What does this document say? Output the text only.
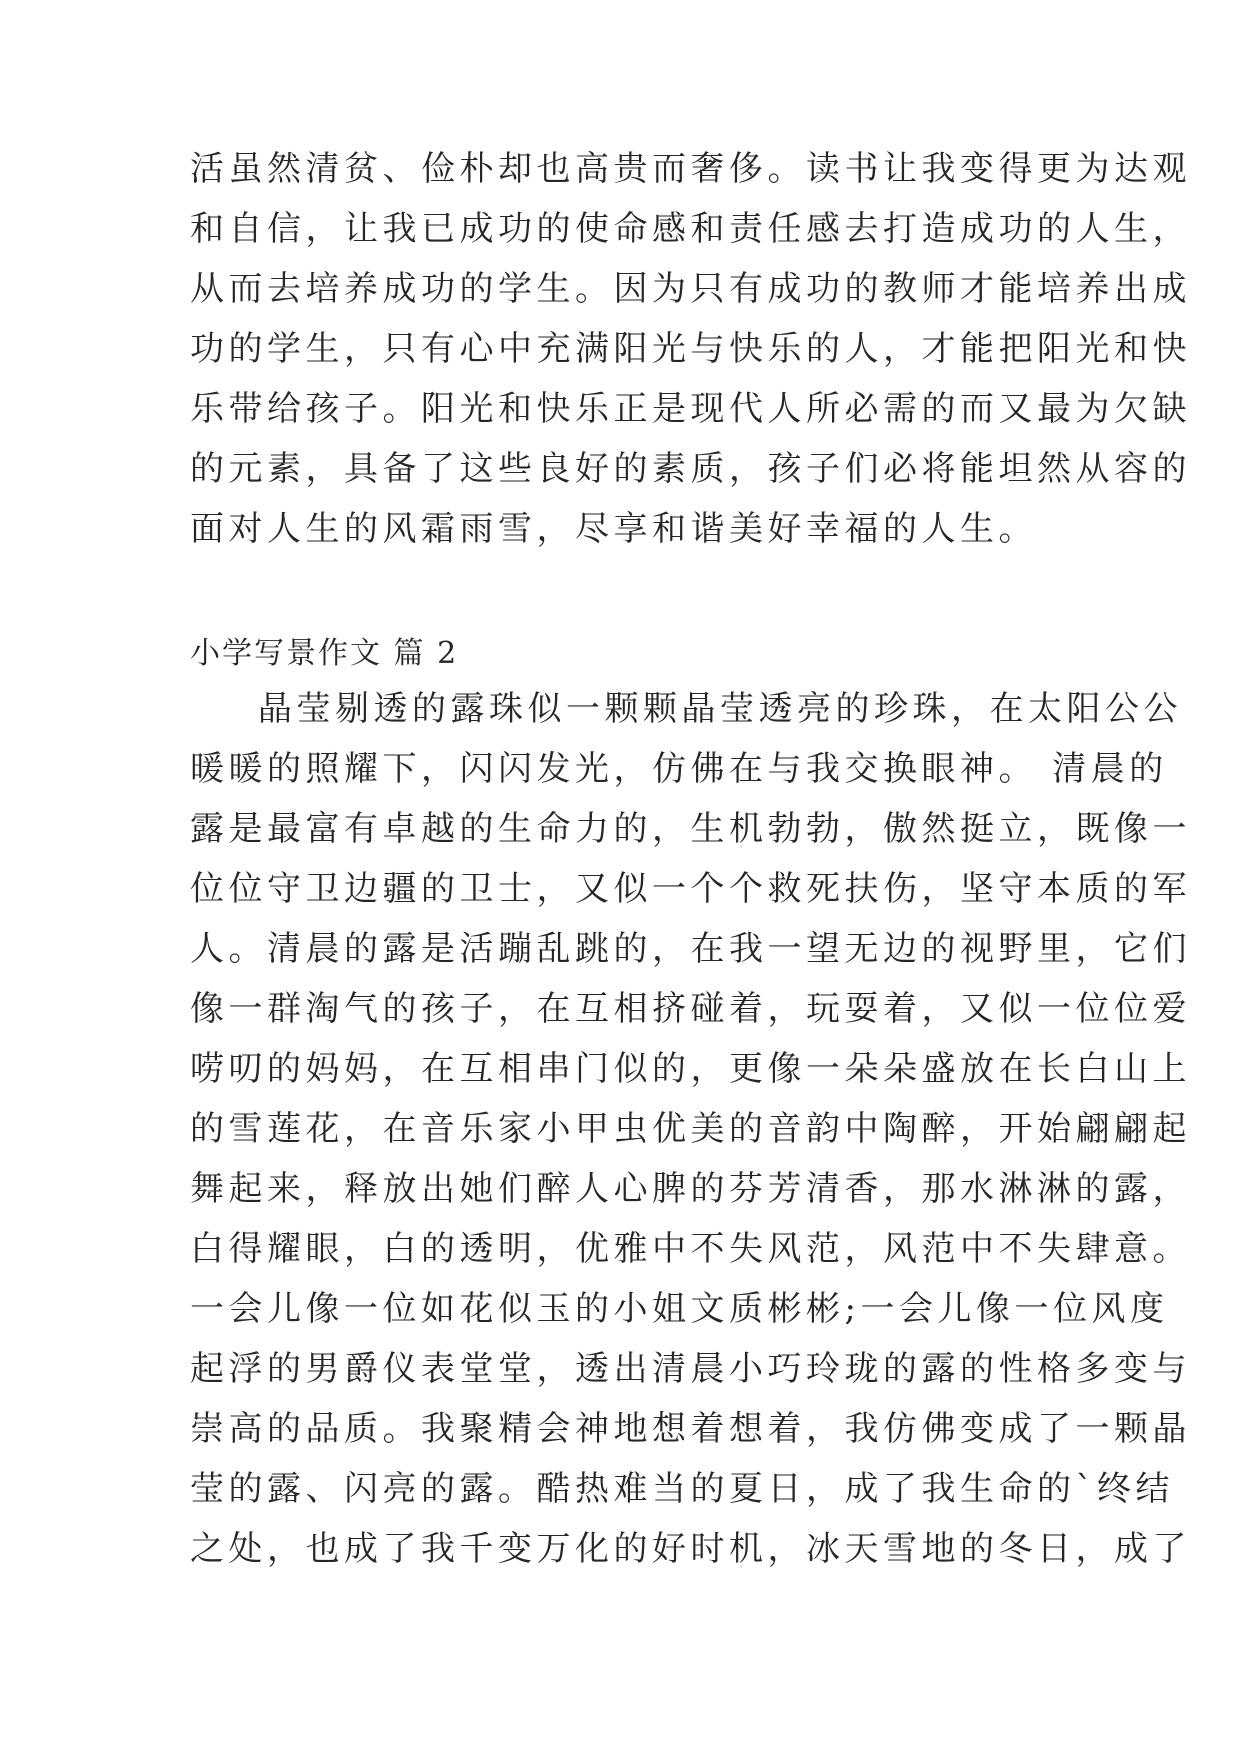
活虽然清贫、俭朴却也高贵而奢侈。读书让我变得更为达观
和自信，让我已成功的使命感和责任感去打造成功的人生，
从而去培养成功的学生。因为只有成功的教师才能培养出成
功的学生，只有心中充满阳光与快乐的人，才能把阳光和快
乐带给孩子。阳光和快乐正是现代人所必需的而又最为欠缺
的元素，具备了这些良好的素质，孩子们必将能坦然从容的
面对人生的风霜雨雪，尽享和谐美好幸福的人生。
小学写景作文 篇 2
晶莹剔透的露珠似一颗颗晶莹透亮的珍珠，在太阳公公
暖暖的照耀下，闪闪发光，仿佛在与我交换眼神。 清晨的
露是最富有卓越的生命力的，生机勃勃，傲然挺立，既像一
位位守卫边疆的卫士，又似一个个救死扶伤，坚守本质的军
人。清晨的露是活蹦乱跳的，在我一望无边的视野里，它们
像一群淘气的孩子，在互相挤碰着，玩耍着，又似一位位爱
唠叨的妈妈，在互相串门似的，更像一朵朵盛放在长白山上
的雪莲花，在音乐家小甲虫优美的音韵中陶醉，开始翩翩起
舞起来，释放出她们醉人心脾的芬芳清香，那水淋淋的露，
白得耀眼，白的透明，优雅中不失风范，风范中不失肆意。
一会儿像一位如花似玉的小姐文质彬彬;一会儿像一位风度
起浮的男爵仪表堂堂，透出清晨小巧玲珑的露的性格多变与
崇高的品质。我聚精会神地想着想着，我仿佛变成了一颗晶
莹的露、闪亮的露。酷热难当的夏日，成了我生命的`终结
之处，也成了我千变万化的好时机，冰天雪地的冬日，成了
